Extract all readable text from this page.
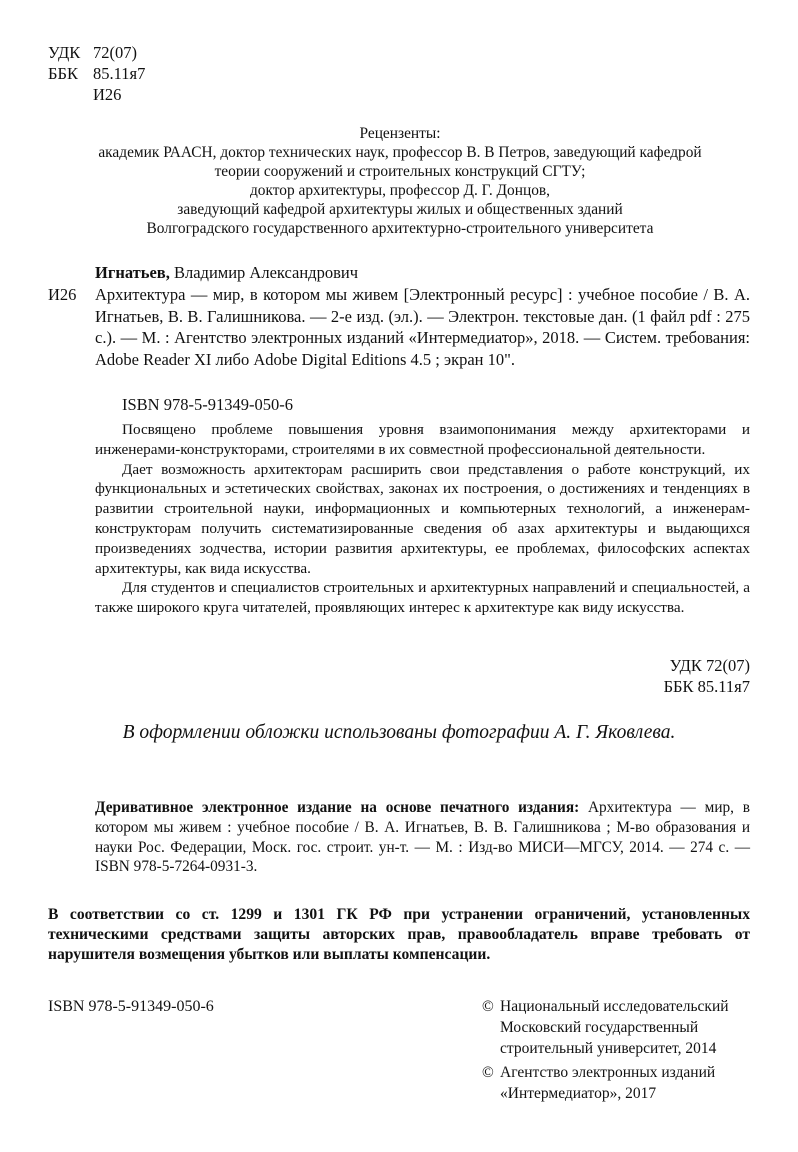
УДК 72(07)
ББК 85.11я7
И26
Рецензенты:
академик РААСН, доктор технических наук, профессор В. В Петров, заведующий кафедрой
теории сооружений и строительных конструкций СГТУ;
доктор архитектуры, профессор Д. Г. Донцов,
заведующий кафедрой архитектуры жилых и общественных зданий
Волгоградского государственного архитектурно-строительного университета
Игнатьев, Владимир Александрович
И26 Архитектура — мир, в котором мы живем [Электронный ресурс] : учебное пособие / В. А. Игнатьев, В. В. Галишникова. — 2-е изд. (эл.). — Электрон. текстовые дан. (1 файл pdf : 275 с.). — М. : Агентство электронных изданий «Интермедиатор», 2018. — Систем. требования: Adobe Reader XI либо Adobe Digital Editions 4.5 ; экран 10".
ISBN 978-5-91349-050-6

Посвящено проблеме повышения уровня взаимопонимания между архитекторами и инженерами-конструкторами, строителями в их совместной профессиональной деятельности.

Дает возможность архитекторам расширить свои представления о работе конструкций, их функциональных и эстетических свойствах, законах их построения, о достижениях и тенденциях в развитии строительной науки, информационных и компьютерных технологий, а инженерам-конструкторам получить систематизированные сведения об азах архитектуры и выдающихся произведениях зодчества, истории развития архитектуры, ее проблемах, философских аспектах архитектуры, как вида искусства.

Для студентов и специалистов строительных и архитектурных направлений и специальностей, а также широкого круга читателей, проявляющих интерес к архитектуре как виду искусства.

УДК 72(07)
ББК 85.11я7
В оформлении обложки использованы фотографии А. Г. Яковлева.
Деривативное электронное издание на основе печатного издания: Архитектура — мир, в котором мы живем : учебное пособие / В. А. Игнатьев, В. В. Галишникова ; М-во образования и науки Рос. Федерации, Моск. гос. строит. ун-т. — М. : Изд-во МИСИ—МГСУ, 2014. — 274 с. — ISBN 978-5-7264-0931-3.
В соответствии со ст. 1299 и 1301 ГК РФ при устранении ограничений, установленных техническими средствами защиты авторских прав, правообладатель вправе требовать от нарушителя возмещения убытков или выплаты компенсации.
ISBN 978-5-91349-050-6	© Национальный исследовательский
Московский государственный
строительный университет, 2014
© Агентство электронных изданий
«Интермедиатор», 2017
